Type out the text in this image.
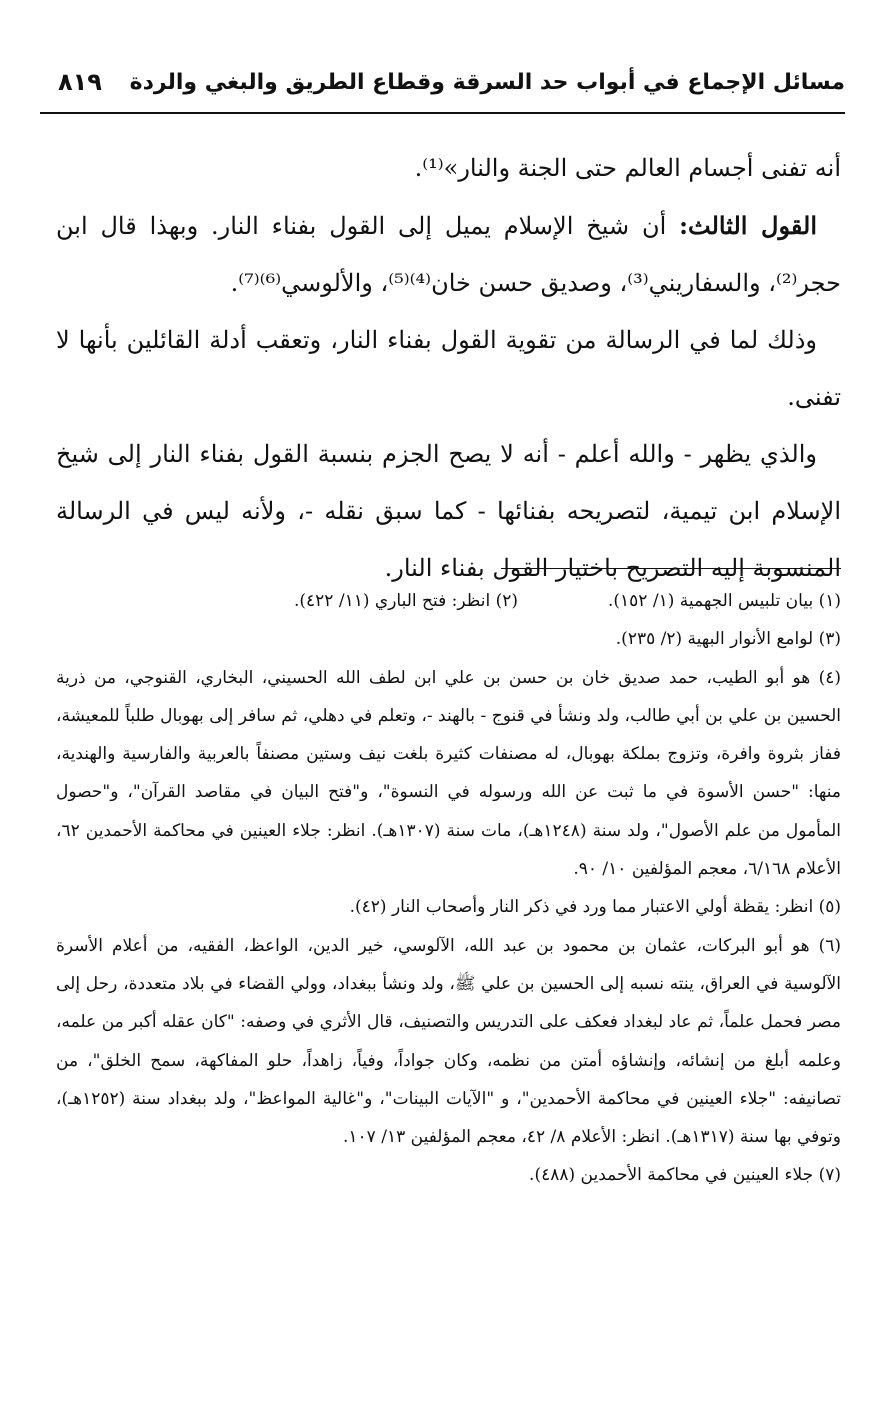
مسائل الإجماع في أبواب حد السرقة وقطاع الطريق والبغي والردة
٨١٩

أنه تفنى أجسام العالم حتى الجنة والنار»⁽¹⁾.

القول الثالث: أن شيخ الإسلام يميل إلى القول بفناء النار. وبهذا قال ابن حجر⁽²⁾، والسفاريني⁽³⁾، وصديق حسن خان⁽⁴⁾⁽⁵⁾، والألوسي⁽⁶⁾⁽⁷⁾.

وذلك لما في الرسالة من تقوية القول بفناء النار، وتعقب أدلة القائلين بأنها لا تفنى.

والذي يظهر - والله أعلم - أنه لا يصح الجزم بنسبة القول بفناء النار إلى شيخ الإسلام ابن تيمية، لتصريحه بفنائها - كما سبق نقله -، ولأنه ليس في الرسالة المنسوبة إليه التصريح باختيار القول بفناء النار.

(١) بيان تلبيس الجهمية (١/ ١٥٢).

(٢) انظر: فتح الباري (١١/ ٤٢٢).

(٣) لوامع الأنوار البهية (٢/ ٢٣٥).

(٤) هو أبو الطيب، حمد صديق خان بن حسن بن علي ابن لطف الله الحسيني، البخاري، القنوجي، من ذرية الحسين بن علي بن أبي طالب، ولد ونشأ في قنوج - بالهند -، وتعلم في دهلي، ثم سافر إلى بهوبال طلباً للمعيشة، ففاز بثروة وافرة، وتزوج بملكة بهوبال، له مصنفات كثيرة بلغت نيف وستين مصنفاً بالعربية والفارسية والهندية، منها: "حسن الأسوة في ما ثبت عن الله ورسوله في النسوة"، و"فتح البيان في مقاصد القرآن"، و"حصول المأمول من علم الأصول"، ولد سنة (١٢٤٨هـ)، مات سنة (١٣٠٧هـ). انظر: جلاء العينين في محاكمة الأحمدين ٦٢، الأعلام ٦/١٦٨، معجم المؤلفين ١٠/ ٩٠.

(٥) انظر: يقظة أولي الاعتبار مما ورد في ذكر النار وأصحاب النار (٤٢).

(٦) هو أبو البركات، عثمان بن محمود بن عبد الله، الآلوسي، خير الدين، الواعظ، الفقيه، من أعلام الأسرة الآلوسية في العراق، ينته نسبه إلى الحسين بن علي ﷺ، ولد ونشأ ببغداد، وولي القضاء في بلاد متعددة، رحل إلى مصر فحمل علماً، ثم عاد لبغداد فعكف على التدريس والتصنيف، قال الأثري في وصفه: "كان عقله أكبر من علمه، وعلمه أبلغ من إنشائه، وإنشاؤه أمتن من نظمه، وكان جواداً، وفياً، زاهداً، حلو المفاكهة، سمح الخلق"، من تصانيفه: "جلاء العينين في محاكمة الأحمدين"، و "الآيات البينات"، و"غالية المواعظ"، ولد ببغداد سنة (١٢٥٢هـ)، وتوفي بها سنة (١٣١٧هـ). انظر: الأعلام ٨/ ٤٢، معجم المؤلفين ١٣/ ١٠٧.

(٧) جلاء العينين في محاكمة الأحمدين (٤٨٨).
